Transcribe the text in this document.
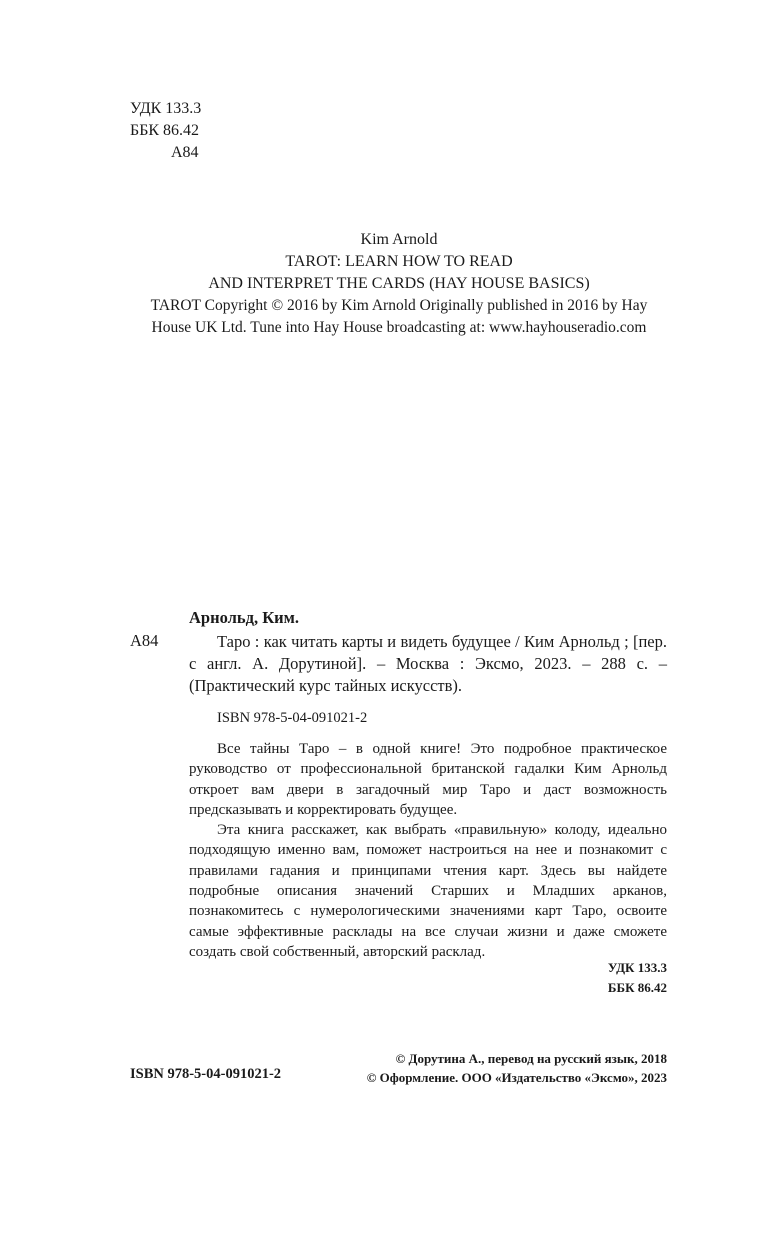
УДК 133.3
ББК 86.42
А84
Kim Arnold
TAROT: LEARN HOW TO READ
AND INTERPRET THE CARDS (HAY HOUSE BASICS)
TAROT Copyright © 2016 by Kim Arnold Originally published in 2016 by Hay
House UK Ltd. Tune into Hay House broadcasting at: www.hayhouseradio.com
Арнольд, Ким.
А84	Таро : как читать карты и видеть будущее / Ким Арнольд ; [пер. с англ. А. Дорутиной]. – Москва : Эксмо, 2023. – 288 с. – (Практический курс тайных искусств).
ISBN 978-5-04-091021-2

Все тайны Таро – в одной книге! Это подробное практическое руководство от профессиональной британской гадалки Ким Арнольд откроет вам двери в загадочный мир Таро и даст возможность предсказывать и корректировать будущее.

Эта книга расскажет, как выбрать «правильную» колоду, идеально подходящую именно вам, поможет настроиться на нее и познакомит с правилами гадания и принципами чтения карт. Здесь вы найдете подробные описания значений Старших и Младших арканов, познакомитесь с нумерологическими значениями карт Таро, освоите самые эффективные расклады на все случаи жизни и даже сможете создать свой собственный, авторский расклад.

УДК 133.3
ББК 86.42
ISBN 978-5-04-091021-2
© Дорутина А., перевод на русский язык, 2018
© Оформление. ООО «Издательство «Эксмо», 2023
